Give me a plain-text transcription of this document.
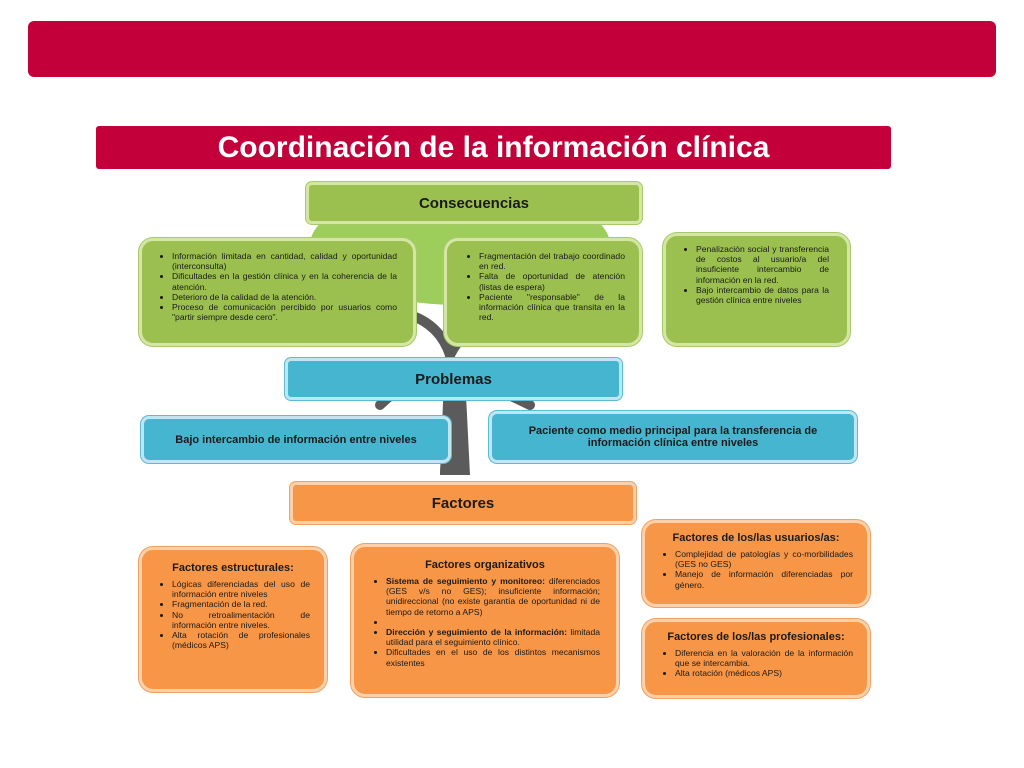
Coordinación de la información clínica
Consecuencias
• Información limitada en cantidad, calidad y oportunidad (interconsulta)
• Dificultades en la gestión clínica y en la coherencia de la atención.
• Deterioro de la calidad de la atención.
• Proceso de comunicación percibido por usuarios como "partir siempre desde cero".
• Fragmentación del trabajo coordinado en red.
• Falta de oportunidad de atención (listas de espera)
• Paciente "responsable" de la información clínica que transita en la red.
• Penalización social y transferencia de costos al usuario/a del insuficiente intercambio de información en la red.
• Bajo intercambio de datos para la gestión clínica entre niveles
Problemas
Bajo intercambio de información entre niveles
Paciente como medio principal para la transferencia de información clínica entre niveles
Factores
Factores estructurales:
• Lógicas diferenciadas del uso de información entre niveles
• Fragmentación de la red.
• No retroalimentación de información entre niveles.
• Alta rotación de profesionales (médicos APS)
Factores organizativos
• Sistema de seguimiento y monitoreo: diferenciados (GES v/s no GES); insuficiente información; unidireccional (no existe garantía de oportunidad ni de tiempo de retorno a APS)
•
• Dirección y seguimiento de la información: limitada utilidad para el seguimiento clínico.
• Dificultades en el uso de los distintos mecanismos existentes
Factores de los/las usuarios/as:
• Complejidad de patologías y co-morbilidades (GES no GES)
• Manejo de información diferenciadas por género.
Factores de los/las profesionales:
• Diferencia en la valoración de la información que se intercambia.
• Alta rotación (médicos APS)
